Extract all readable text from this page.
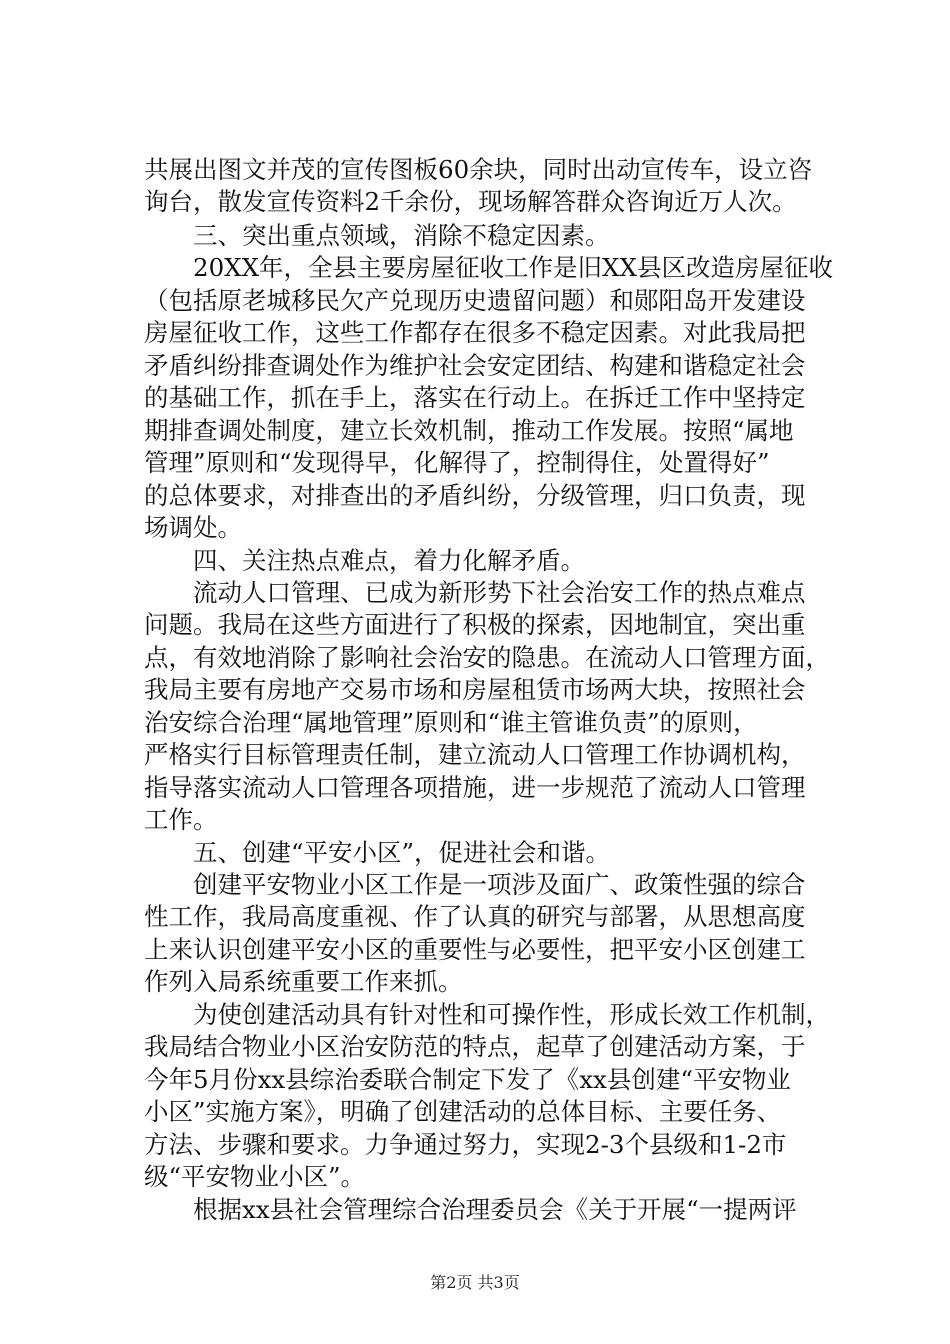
第2页 共3页
共展出图文并茂的宣传图板60余块，同时出动宣传车，设立咨
询台，散发宣传资料2千余份，现场解答群众咨询近万人次。
　　三、突出重点领域，消除不稳定因素。
　　20XX年，全县主要房屋征收工作是旧XX县区改造房屋征收
（包括原老城移民欠产兑现历史遗留问题）和郧阳岛开发建设
房屋征收工作，这些工作都存在很多不稳定因素。对此我局把
矛盾纠纷排查调处作为维护社会安定团结、构建和谐稳定社会
的基础工作，抓在手上，落实在行动上。在拆迁工作中坚持定
期排查调处制度，建立长效机制，推动工作发展。按照“属地
管理”原则和“发现得早，化解得了，控制得住，处置得好”
的总体要求，对排查出的矛盾纠纷，分级管理，归口负责，现
场调处。
　　四、关注热点难点，着力化解矛盾。
　　流动人口管理、已成为新形势下社会治安工作的热点难点
问题。我局在这些方面进行了积极的探索，因地制宜，突出重
点，有效地消除了影响社会治安的隐患。在流动人口管理方面，
我局主要有房地产交易市场和房屋租赁市场两大块，按照社会
治安综合治理“属地管理”原则和“谁主管谁负责”的原则，
严格实行目标管理责任制，建立流动人口管理工作协调机构，
指导落实流动人口管理各项措施，进一步规范了流动人口管理
工作。
　　五、创建“平安小区”，促进社会和谐。
　　创建平安物业小区工作是一项涉及面广、政策性强的综合
性工作，我局高度重视、作了认真的研究与部署，从思想高度
上来认识创建平安小区的重要性与必要性，把平安小区创建工
作列入局系统重要工作来抓。
　　为使创建活动具有针对性和可操作性，形成长效工作机制，
我局结合物业小区治安防范的特点，起草了创建活动方案，于
今年5月份xx县综治委联合制定下发了《xx县创建“平安物业
小区”实施方案》，明确了创建活动的总体目标、主要任务、
方法、步骤和要求。力争通过努力，实现2-3个县级和1-2市
级“平安物业小区”。
　　根据xx县社会管理综合治理委员会《关于开展“一提两评
